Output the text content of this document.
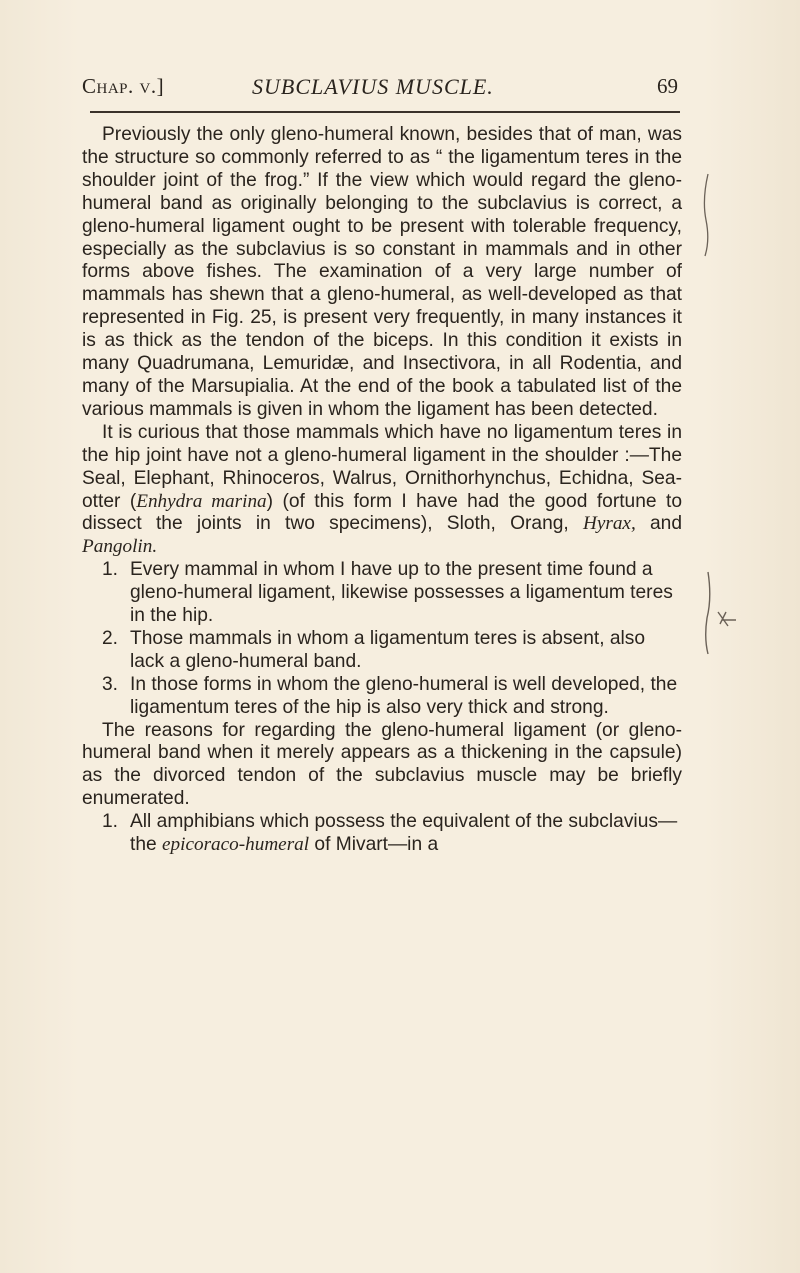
Chap. v.]	SUBCLAVIUS MUSCLE.	69

Previously the only gleno-humeral known, besides that of man, was the structure so commonly referred to as “ the ligamentum teres in the shoulder joint of the frog.” If the view which would regard the gleno-humeral band as originally belonging to the subclavius is correct, a gleno-humeral ligament ought to be present with tolerable frequency, especially as the subclavius is so constant in mammals and in other forms above fishes. The examination of a very large number of mammals has shewn that a gleno-humeral, as well-developed as that represented in Fig. 25, is present very frequently, in many instances it is as thick as the tendon of the biceps. In this condition it exists in many Quadrumana, Lemuridæ, and Insectivora, in all Rodentia, and many of the Marsupialia. At the end of the book a tabulated list of the various mammals is given in whom the ligament has been detected.

It is curious that those mammals which have no ligamentum teres in the hip joint have not a gleno-humeral ligament in the shoulder :—The Seal, Elephant, Rhinoceros, Walrus, Ornithorhynchus, Echidna, Sea-otter (Enhydra marina) (of this form I have had the good fortune to dissect the joints in two specimens), Sloth, Orang, Hyrax, and Pangolin.

1. Every mammal in whom I have up to the present time found a gleno-humeral ligament, likewise possesses a ligamentum teres in the hip.
2. Those mammals in whom a ligamentum teres is absent, also lack a gleno-humeral band.
3. In those forms in whom the gleno-humeral is well developed, the ligamentum teres of the hip is also very thick and strong.

The reasons for regarding the gleno-humeral ligament (or gleno-humeral band when it merely appears as a thickening in the capsule) as the divorced tendon of the subclavius muscle may be briefly enumerated.

1. All amphibians which possess the equivalent of the subclavius—the epicoraco-humeral of Mivart—in a
